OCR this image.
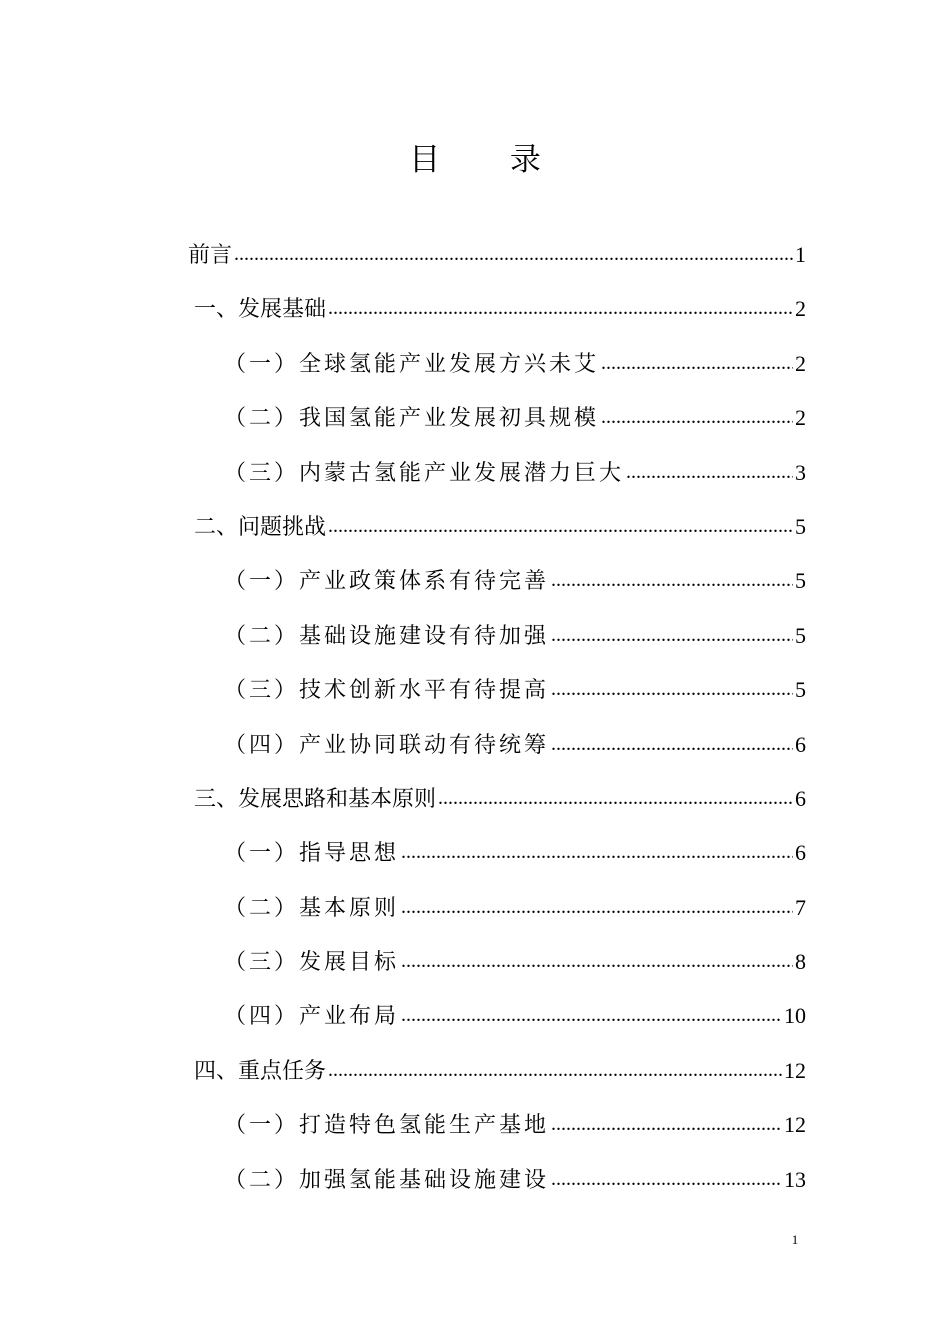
目 录
前言 .....	1
一、发展基础 .....	2
（一）全球氢能产业发展方兴未艾 .....	2
（二）我国氢能产业发展初具规模 .....	2
（三）内蒙古氢能产业发展潜力巨大 .....	3
二、问题挑战 .....	5
（一）产业政策体系有待完善 .....	5
（二）基础设施建设有待加强 .....	5
（三）技术创新水平有待提高 .....	5
（四）产业协同联动有待统筹 .....	6
三、发展思路和基本原则 .....	6
（一）指导思想 .....	6
（二）基本原则 .....	7
（三）发展目标 .....	8
（四）产业布局 .....	10
四、重点任务 .....	12
（一）打造特色氢能生产基地 .....	12
（二）加强氢能基础设施建设 .....	13
1
